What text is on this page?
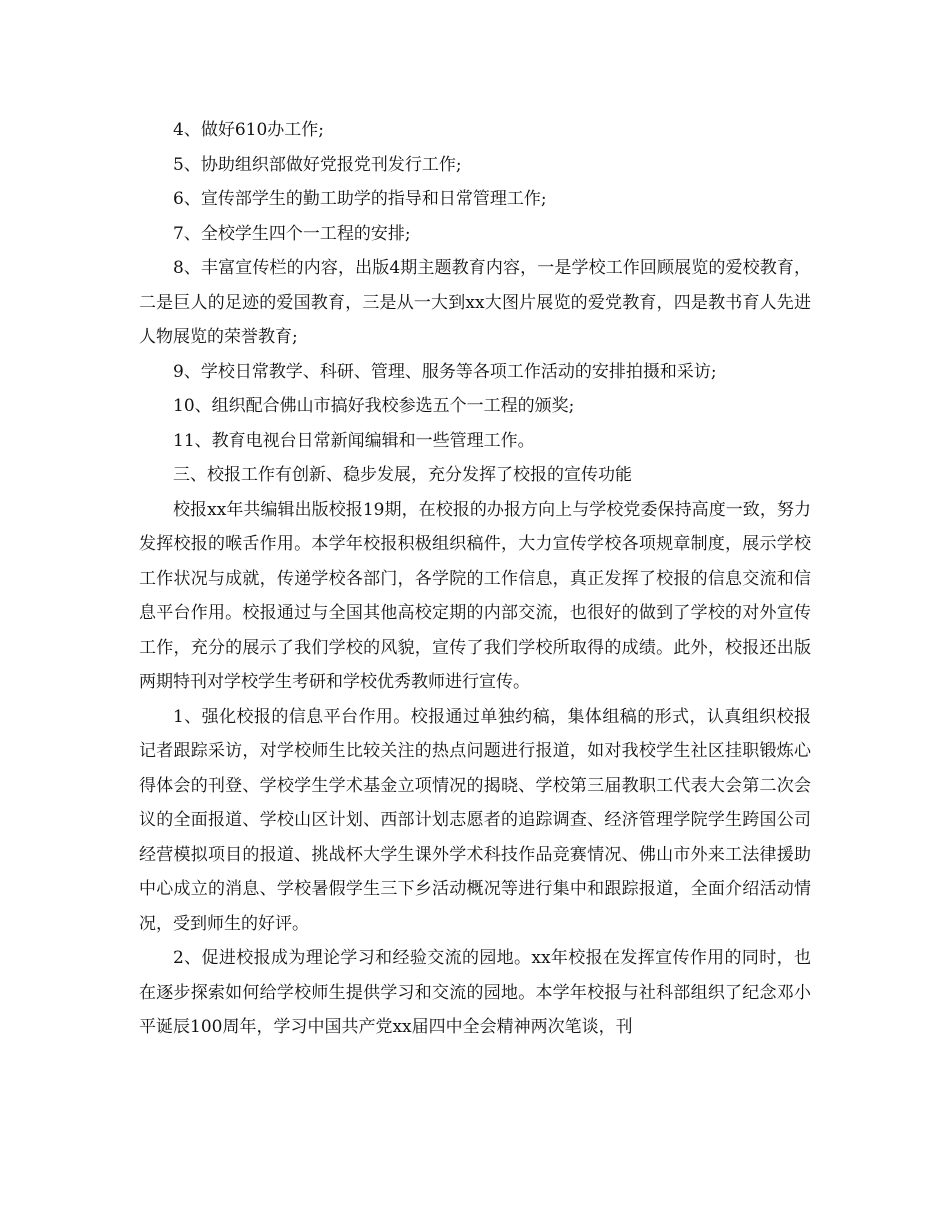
4、做好610办工作;

5、协助组织部做好党报党刊发行工作;

6、宣传部学生的勤工助学的指导和日常管理工作;

7、全校学生四个一工程的安排;

8、丰富宣传栏的内容，出版4期主题教育内容，一是学校工作回顾展览的爱校教育，二是巨人的足迹的爱国教育，三是从一大到xx大图片展览的爱党教育，四是教书育人先进人物展览的荣誉教育;

9、学校日常教学、科研、管理、服务等各项工作活动的安排拍摄和采访;

10、组织配合佛山市搞好我校参选五个一工程的颁奖;

11、教育电视台日常新闻编辑和一些管理工作。

三、校报工作有创新、稳步发展，充分发挥了校报的宣传功能

校报xx年共编辑出版校报19期，在校报的办报方向上与学校党委保持高度一致，努力发挥校报的喉舌作用。本学年校报积极组织稿件，大力宣传学校各项规章制度，展示学校工作状况与成就，传递学校各部门，各学院的工作信息，真正发挥了校报的信息交流和信息平台作用。校报通过与全国其他高校定期的内部交流，也很好的做到了学校的对外宣传工作，充分的展示了我们学校的风貌，宣传了我们学校所取得的成绩。此外，校报还出版两期特刊对学校学生考研和学校优秀教师进行宣传。

1、强化校报的信息平台作用。校报通过单独约稿，集体组稿的形式，认真组织校报记者跟踪采访，对学校师生比较关注的热点问题进行报道，如对我校学生社区挂职锻炼心得体会的刊登、学校学生学术基金立项情况的揭晓、学校第三届教职工代表大会第二次会议的全面报道、学校山区计划、西部计划志愿者的追踪调查、经济管理学院学生跨国公司经营模拟项目的报道、挑战杯大学生课外学术科技作品竞赛情况、佛山市外来工法律援助中心成立的消息、学校暑假学生三下乡活动概况等进行集中和跟踪报道，全面介绍活动情况，受到师生的好评。

2、促进校报成为理论学习和经验交流的园地。xx年校报在发挥宣传作用的同时，也在逐步探索如何给学校师生提供学习和交流的园地。本学年校报与社科部组织了纪念邓小平诞辰100周年，学习中国共产党xx届四中全会精神两次笔谈，刊
